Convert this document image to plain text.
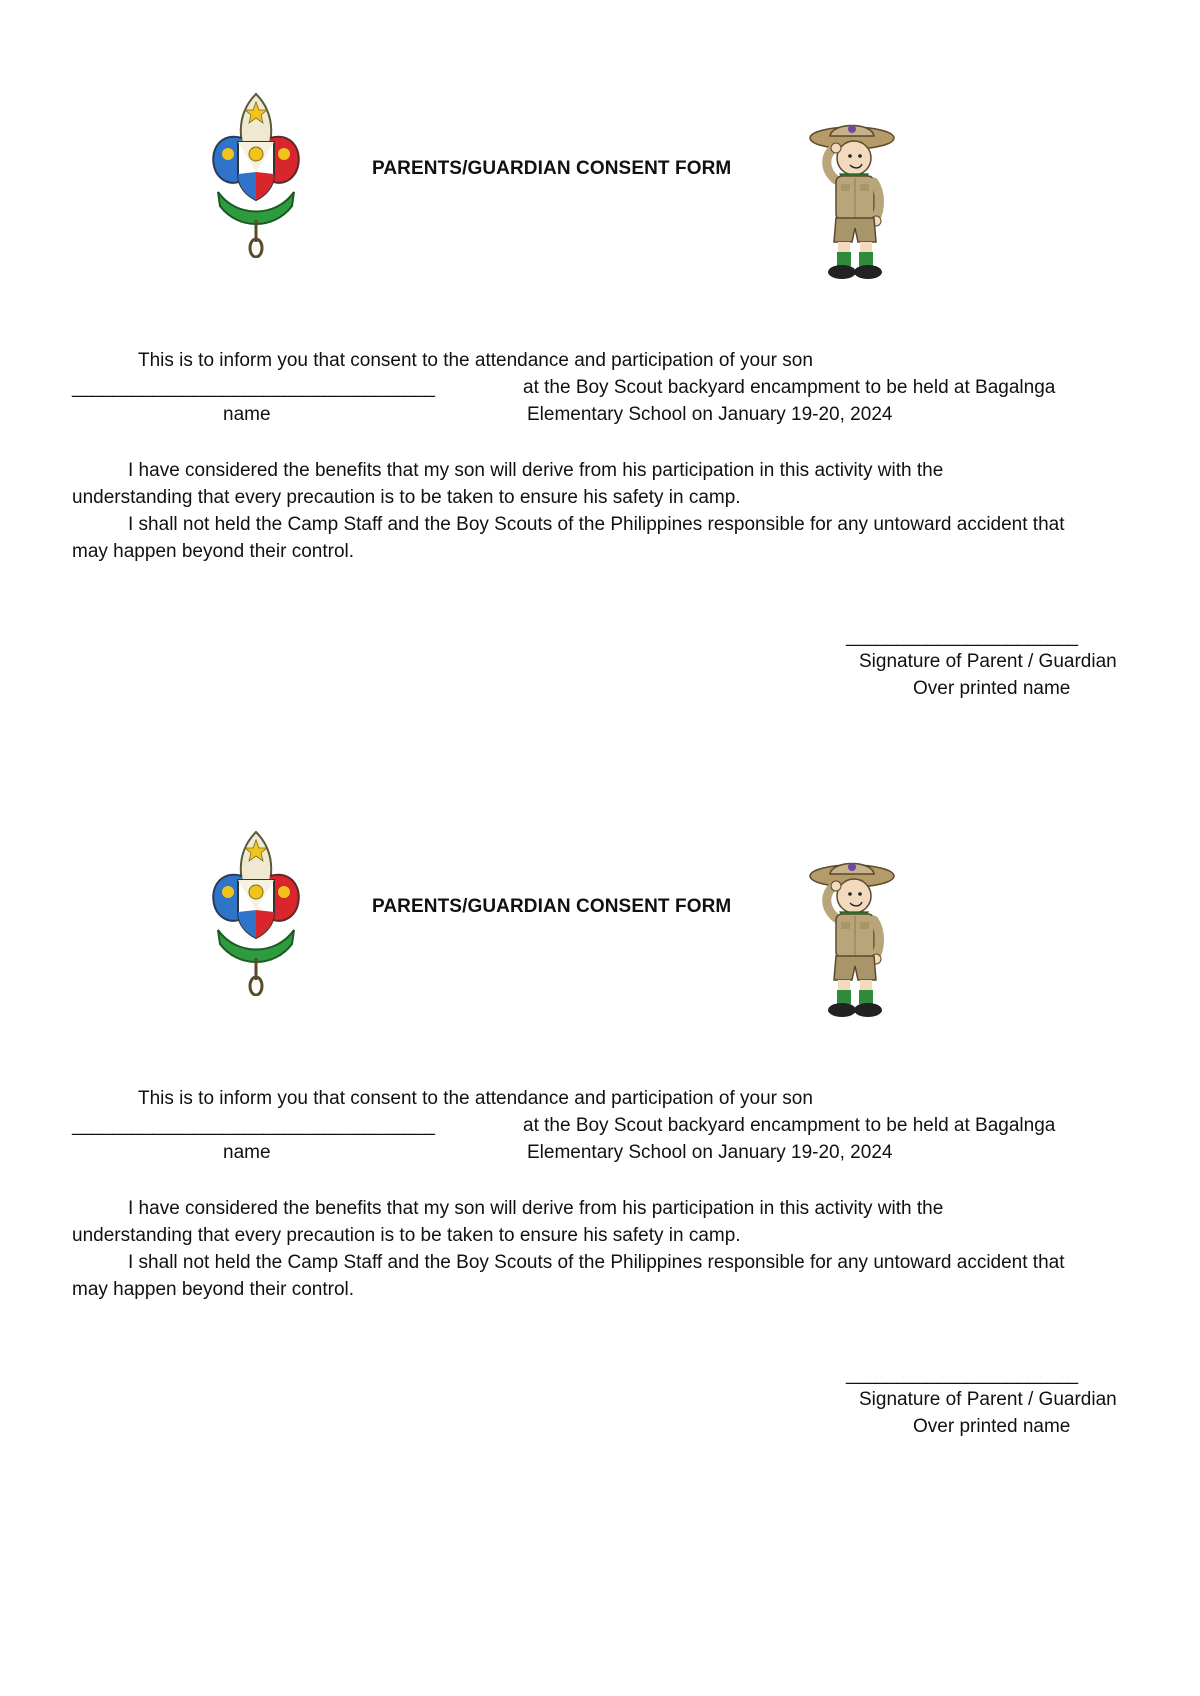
PARENTS/GUARDIAN CONSENT FORM
This is to inform you that consent to the attendance and participation of your son
____________________________________	at the Boy Scout backyard encampment to be held at Bagalnga
name	Elementary School on January 19-20, 2024
I have considered the benefits that my son will derive from his participation in this activity with the
understanding that every precaution is to be taken to ensure his safety in camp.
I shall not held the Camp Staff and the Boy Scouts of the Philippines responsible for any untoward accident that
may happen beyond their control.
_______________________
Signature of Parent / Guardian
Over printed name
PARENTS/GUARDIAN CONSENT FORM
This is to inform you that consent to the attendance and participation of your son
____________________________________	at the Boy Scout backyard encampment to be held at Bagalnga
name	Elementary School on January 19-20, 2024
I have considered the benefits that my son will derive from his participation in this activity with the
understanding that every precaution is to be taken to ensure his safety in camp.
I shall not held the Camp Staff and the Boy Scouts of the Philippines responsible for any untoward accident that
may happen beyond their control.
_______________________
Signature of Parent / Guardian
Over printed name
